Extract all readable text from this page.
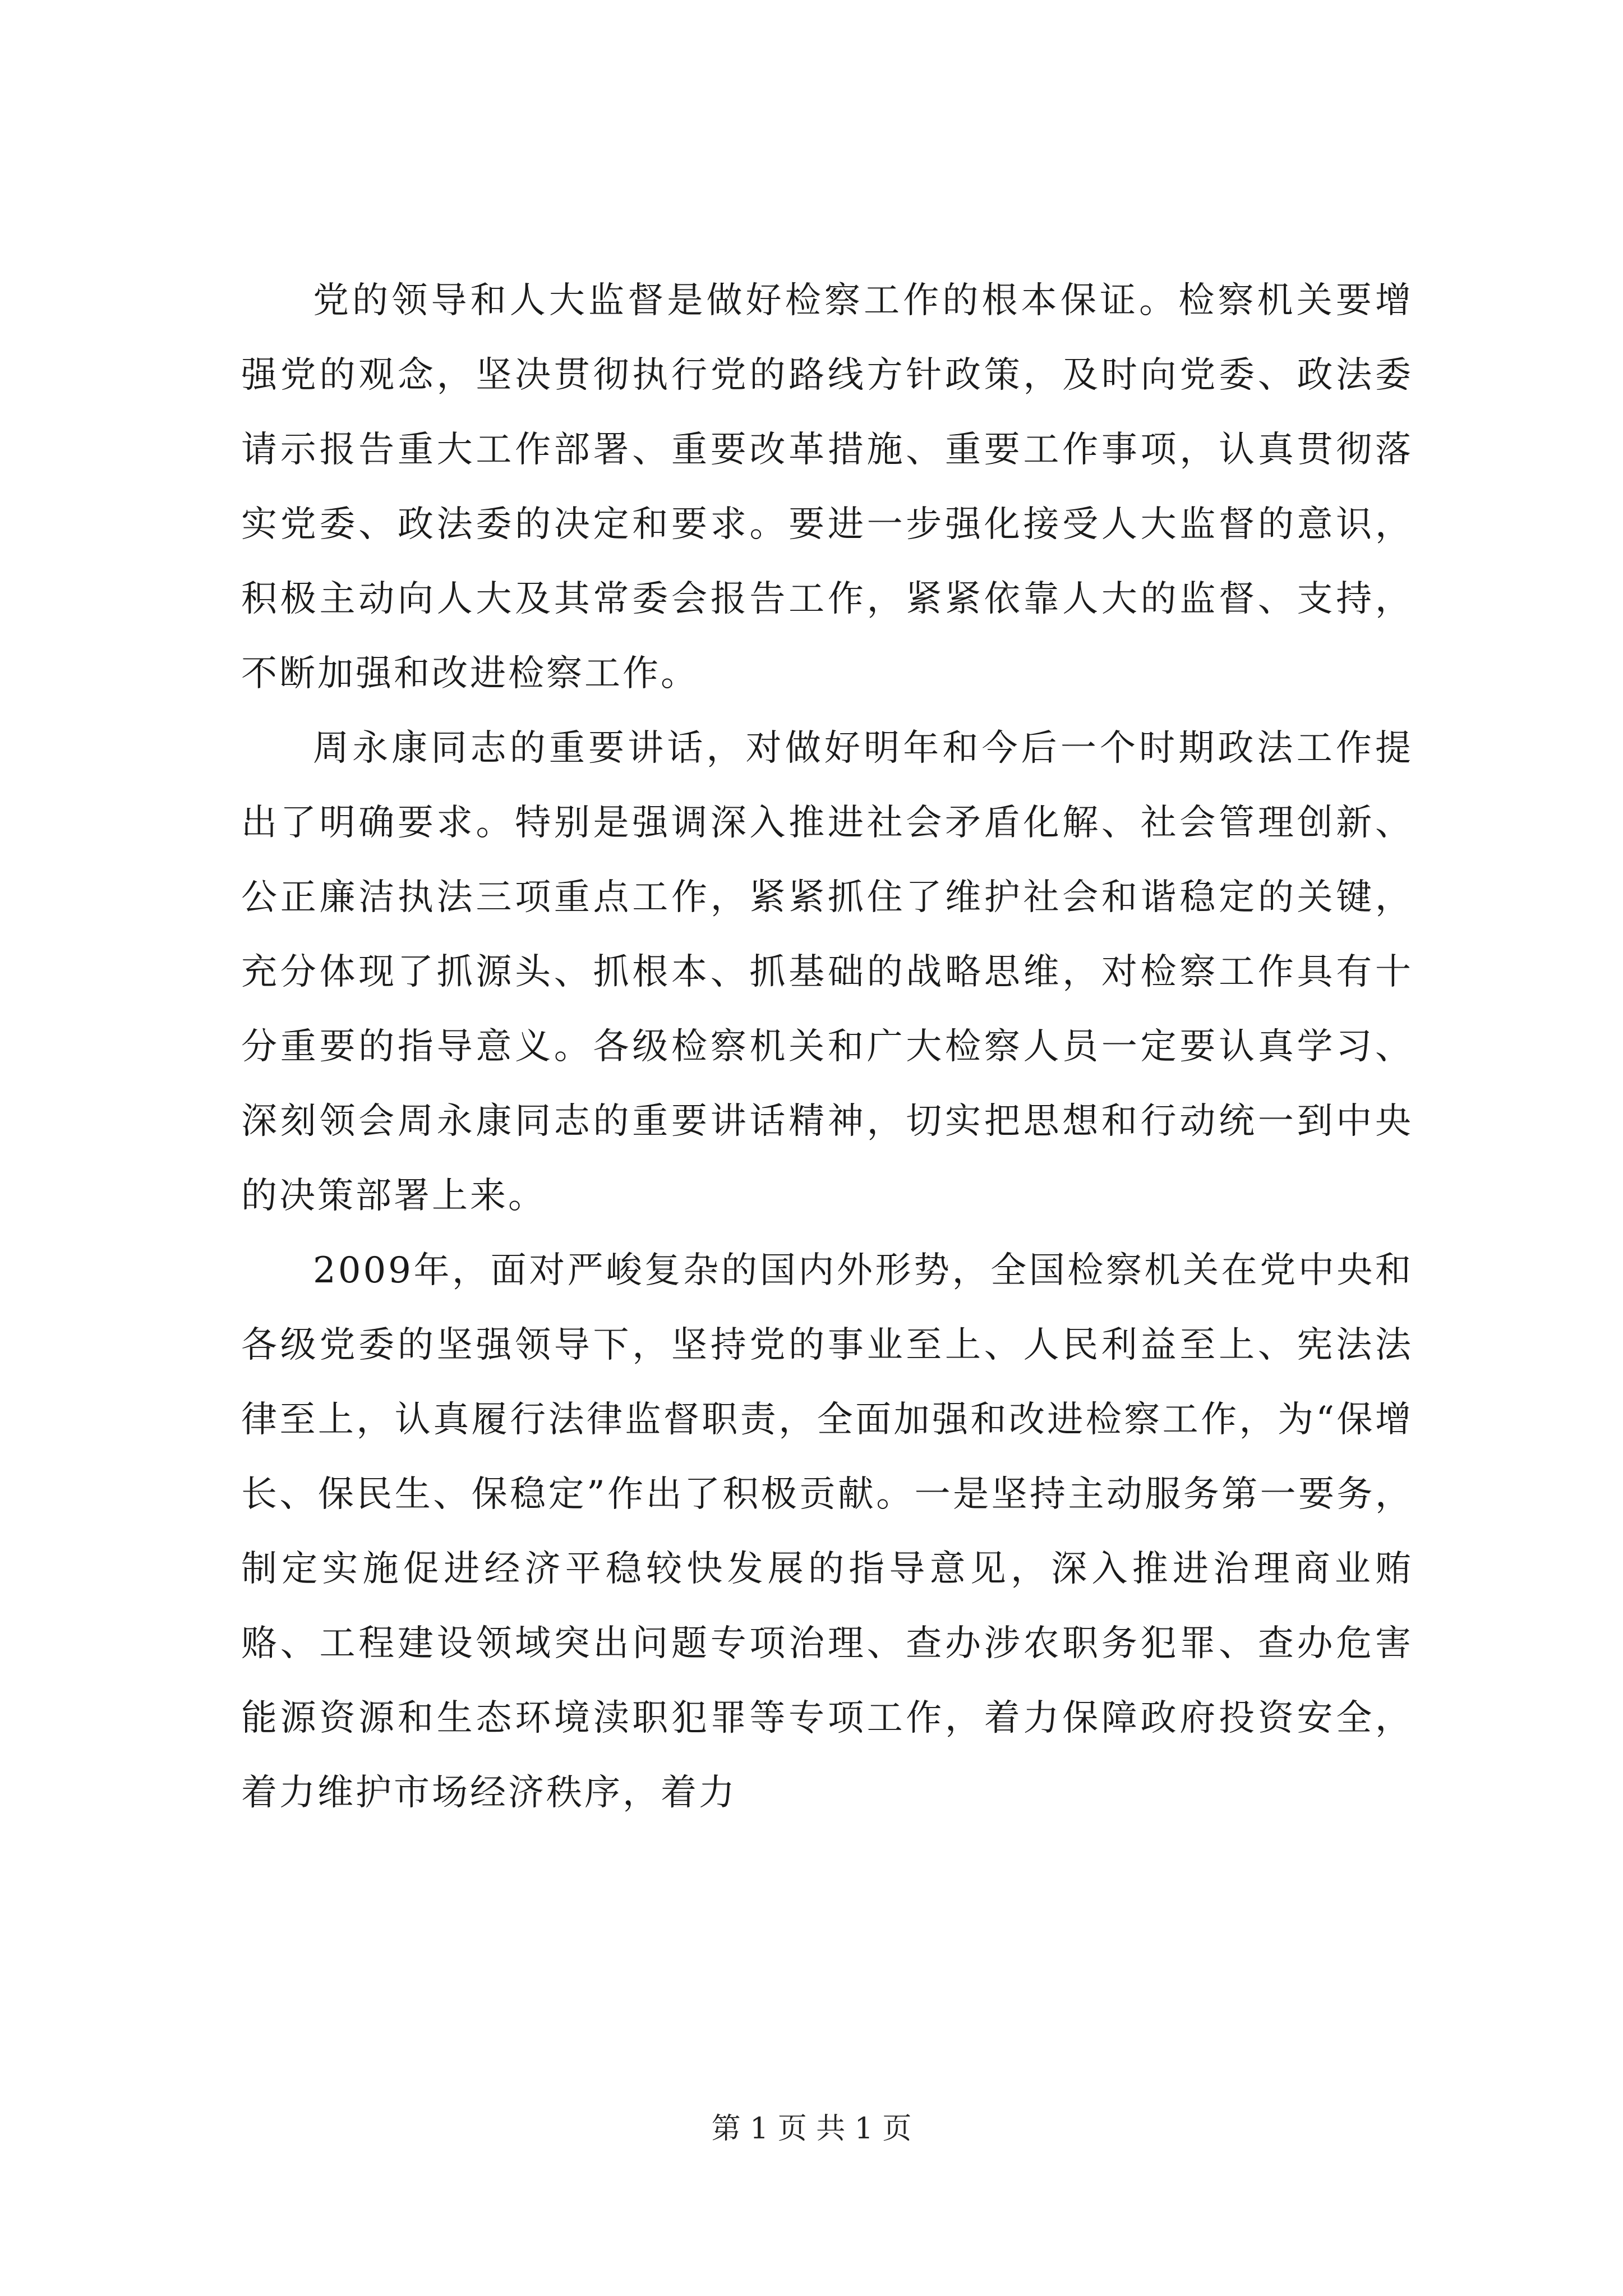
党的领导和人大监督是做好检察工作的根本保证。检察机关要增强党的观念，坚决贯彻执行党的路线方针政策，及时向党委、政法委请示报告重大工作部署、重要改革措施、重要工作事项，认真贯彻落实党委、政法委的决定和要求。要进一步强化接受人大监督的意识，积极主动向人大及其常委会报告工作，紧紧依靠人大的监督、支持，不断加强和改进检察工作。

周永康同志的重要讲话，对做好明年和今后一个时期政法工作提出了明确要求。特别是强调深入推进社会矛盾化解、社会管理创新、公正廉洁执法三项重点工作，紧紧抓住了维护社会和谐稳定的关键，充分体现了抓源头、抓根本、抓基础的战略思维，对检察工作具有十分重要的指导意义。各级检察机关和广大检察人员一定要认真学习、深刻领会周永康同志的重要讲话精神，切实把思想和行动统一到中央的决策部署上来。

2009年，面对严峻复杂的国内外形势，全国检察机关在党中央和各级党委的坚强领导下，坚持党的事业至上、人民利益至上、宪法法律至上，认真履行法律监督职责，全面加强和改进检察工作，为“保增长、保民生、保稳定”作出了积极贡献。一是坚持主动服务第一要务，制定实施促进经济平稳较快发展的指导意见，深入推进治理商业贿赂、工程建设领域突出问题专项治理、查办涉农职务犯罪、查办危害能源资源和生态环境渎职犯罪等专项工作，着力保障政府投资安全，着力维护市场经济秩序，着力

第 1 页 共 1 页
